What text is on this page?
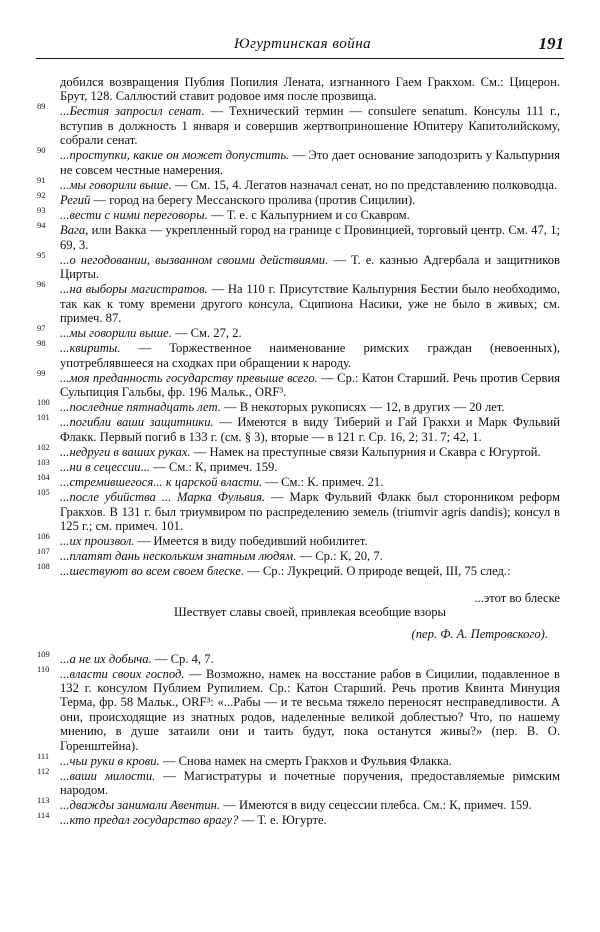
Югуртинская война	191

добился возвращения Публия Попилия Лената, изгнанного Гаем Гракхом. См.: Цицерон. Брут, 128. Саллюстий ставит родовое имя после прозвища.

89 ...Бестия запросил сенат. — Технический термин — consulere senatum. Консулы 111 г., вступив в должность 1 января и совершив жертвоприношение Юпитеру Капитолийскому, собрали сенат.

90 ...проступки, какие он может допустить. — Это дает основание заподозрить у Кальпурния не совсем честные намерения.

91 ...мы говорили выше. — См. 15, 4. Легатов назначал сенат, но по представлению полководца.

92 Регий — город на берегу Мессанского пролива (против Сицилии).

93 ...вести с ними переговоры. — Т. е. с Кальпурнием и со Скавром.

94 Вага, или Вакка — укрепленный город на границе с Провинцией, торговый центр. См. 47, 1; 69, 3.

95 ...о негодовании, вызванном своими действиями. — Т. е. казнью Адгербала и защитников Цирты.

96 ...на выборы магистратов. — На 110 г. Присутствие Кальпурния Бестии было необходимо, так как к тому времени другого консула, Сципиона Насики, уже не было в живых; см. примеч. 87.

97 ...мы говорили выше. — См. 27, 2.

98 ...квириты. — Торжественное наименование римских граждан (невоенных), употреблявшееся на сходках при обращении к народу.

99 ...моя преданность государству превыше всего. — Ср.: Катон Старший. Речь против Сервия Сульпиция Гальбы, фр. 196 Мальк., ORF³.

100 ...последние пятнадцать лет. — В некоторых рукописях — 12, в других — 20 лет.

101 ...погибли ваши защитники. — Имеются в виду Тиберий и Гай Гракхи и Марк Фульвий Флакк. Первый погиб в 133 г. (см. § 3), вторые — в 121 г. Ср. 16, 2; 31. 7; 42, 1.

102 ...недруги в ваших руках. — Намек на преступные связи Кальпурния и Скавра с Югуртой.

103 ...ни в сецессии... — См.: К, примеч. 159.

104 ...стремившегося... к царской власти. — См.: К. примеч. 21.

105 ...после убийства ... Марка Фульвия. — Марк Фульвий Флакк был сторонником реформ Гракхов. В 131 г. был триумвиром по распределению земель (triumvir agris dandis); консул в 125 г.; см. примеч. 101.

106 ...их произвол. — Имеется в виду победивший нобилитет.

107 ...платят дань нескольким знатным людям. — Ср.: К, 20, 7.

108 ...шествуют во всем своем блеске. — Ср.: Лукреций. О природе вещей, III, 75 след.:

...этот во блеске
Шествует славы своей, привлекая всеобщие взоры
(пер. Ф. А. Петровского).

109 ...а не их добыча. — Ср. 4, 7.

110 ...власти своих господ. — Возможно, намек на восстание рабов в Сицилии, подавленное в 132 г. консулом Публием Рупилием. Ср.: Катон Старший. Речь против Квинта Минуция Терма, фр. 58 Мальк., ORF³: «...Рабы — и те весьма тяжело переносят несправедливости. А они, происходящие из знатных родов, наделенные великой доблестью? Что, по нашему мнению, в душе затаили они и таить будут, пока останутся живы?» (пер. В. О. Горенштейна).

111 ...чьи руки в крови. — Снова намек на смерть Гракхов и Фульвия Флакка.

112 ...ваши милости. — Магистратуры и почетные поручения, предоставляемые римским народом.

113 ...дважды занимали Авентин. — Имеются в виду сецессии плебса. См.: К, примеч. 159.

114 ...кто предал государство врагу? — Т. е. Югурте.
